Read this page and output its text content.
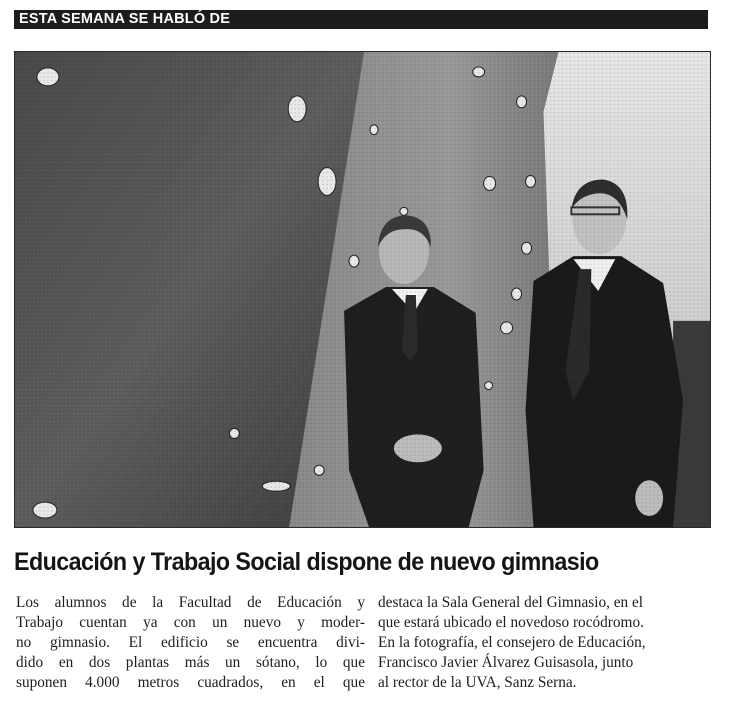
ESTA SEMANA SE HABLÓ DE
Educación y Trabajo Social dispone de nuevo gimnasio

Los alumnos de la Facultad de Educación y

Trabajo cuentan ya con un nuevo y moder-

no gimnasio. El edificio se encuentra divi-

dido en dos plantas más un sótano, lo que

suponen 4.000 metros cuadrados, en el que

destaca la Sala General del Gimnasio, en el

que estará ubicado el novedoso rocódromo.

En la fotografía, el consejero de Educación,

Francisco Javier Álvarez Guisasola, junto

al rector de la UVA, Sanz Serna.
